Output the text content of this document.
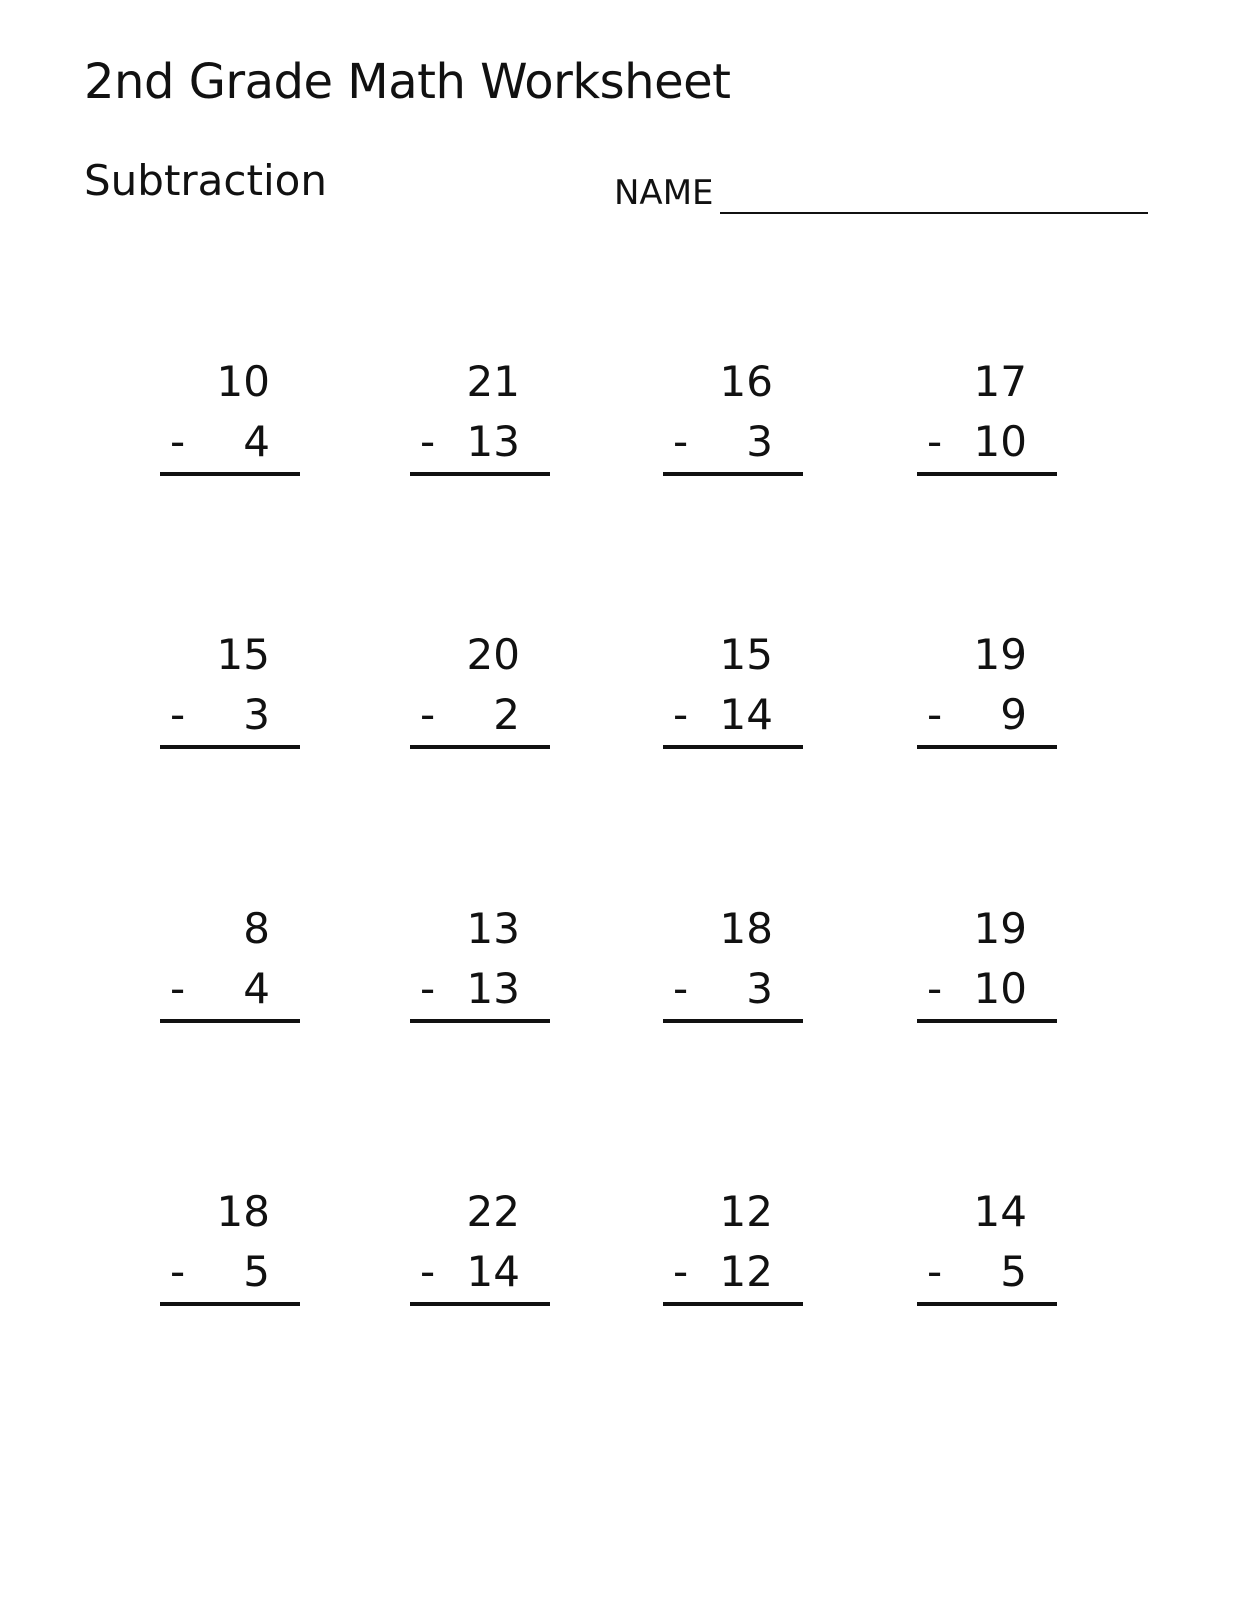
2nd Grade Math Worksheet
Subtraction	NAME
10
- 4
21
- 13
16
- 3
17
- 10
15
- 3
20
- 2
15
- 14
19
- 9
8
- 4
13
- 13
18
- 3
19
- 10
18
- 5
22
- 14
12
- 12
14
- 5
